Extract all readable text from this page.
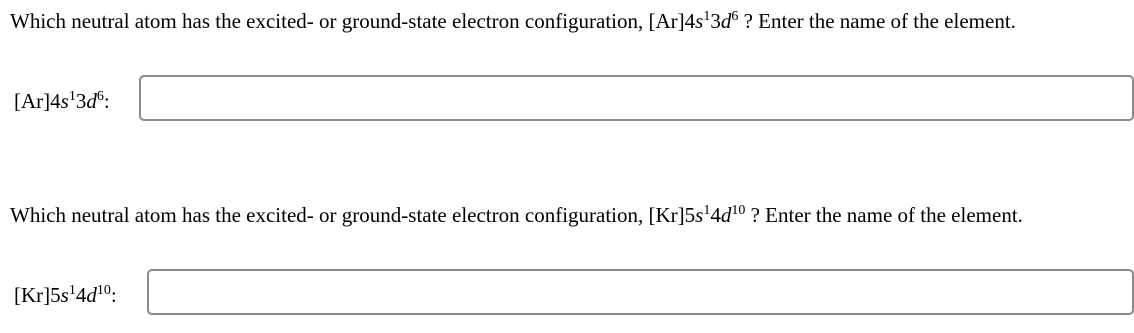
Which neutral atom has the excited- or ground-state electron configuration, $[Ar]4s^13d^6$ ? Enter the name of the element.
$[Ar]4s^13d^6$:
Which neutral atom has the excited- or ground-state electron configuration, $[Kr]5s^14d^{10}$ ? Enter the name of the element.
$[Kr]5s^14d^{10}$:
